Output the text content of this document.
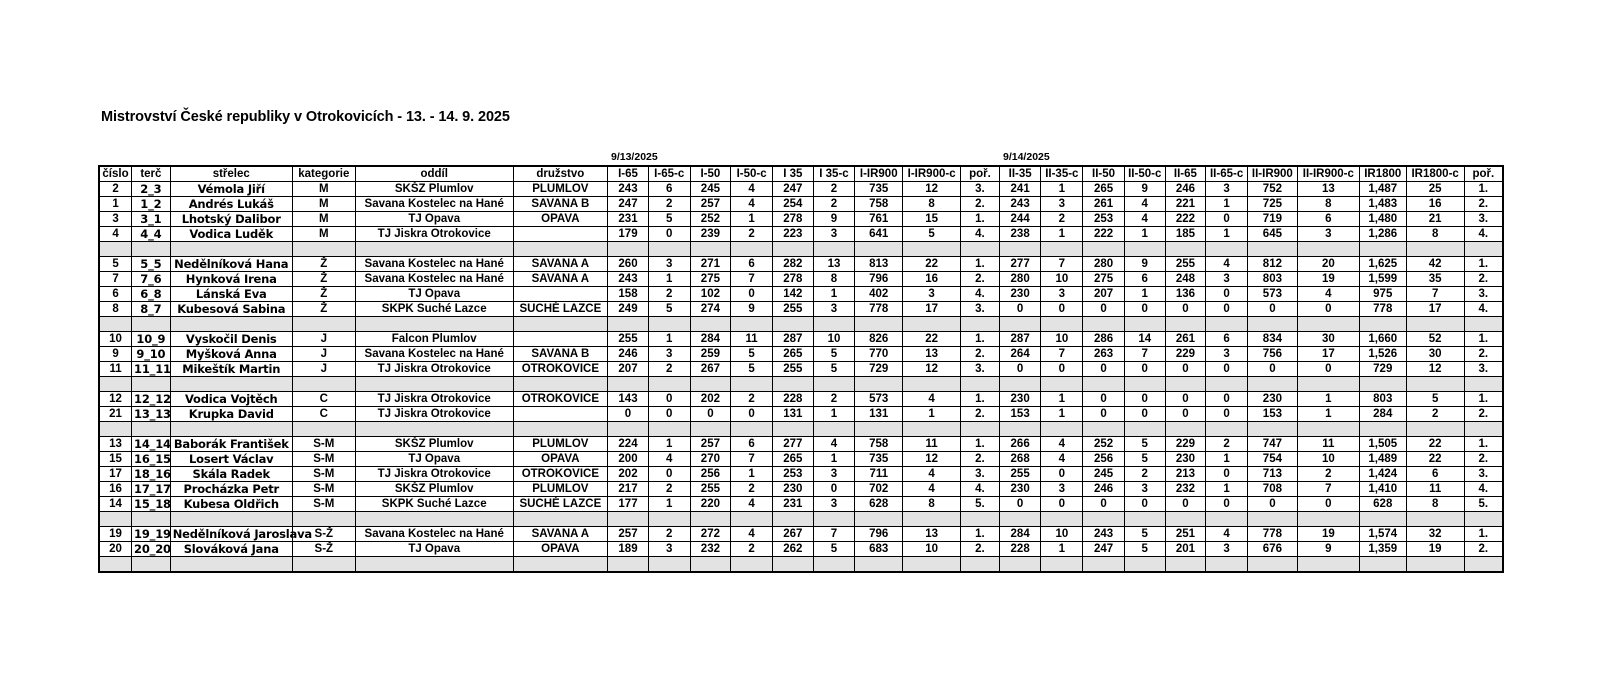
Mistrovství České republiky v Otrokovicích - 13. - 14. 9. 2025
9/13/2025	9/14/2025
číslo	terč	střelec	kategorie	oddíl	družstvo	I-65	I-65-c	I-50	I-50-c	I 35	I 35-c	I-IR900	I-IR900-c	poř.	II-35	II-35-c	II-50	II-50-c	II-65	II-65-c	II-IR900	II-IR900-c	IR1800	IR1800-c	poř.
2	2_3	Vémola Jiří	M	SKŠZ Plumlov	PLUMLOV	243	6	245	4	247	2	735	12	3.	241	1	265	9	246	3	752	13	1,487	25	1.
1	1_2	Andrés Lukáš	M	Savana Kostelec na Hané	SAVANA B	247	2	257	4	254	2	758	8	2.	243	3	261	4	221	1	725	8	1,483	16	2.
3	3_1	Lhotský Dalibor	M	TJ Opava	OPAVA	231	5	252	1	278	9	761	15	1.	244	2	253	4	222	0	719	6	1,480	21	3.
4	4_4	Vodica Luděk	M	TJ Jiskra Otrokovice		179	0	239	2	223	3	641	5	4.	238	1	222	1	185	1	645	3	1,286	8	4.

5	5_5	Nedělníková Hana	Ž	Savana Kostelec na Hané	SAVANA A	260	3	271	6	282	13	813	22	1.	277	7	280	9	255	4	812	20	1,625	42	1.
7	7_6	Hynková Irena	Ž	Savana Kostelec na Hané	SAVANA A	243	1	275	7	278	8	796	16	2.	280	10	275	6	248	3	803	19	1,599	35	2.
6	6_8	Lánská Eva	Ž	TJ Opava		158	2	102	0	142	1	402	3	4.	230	3	207	1	136	0	573	4	975	7	3.
8	8_7	Kubesová Sabina	Ž	SKPK Suché Lazce	SUCHÉ LAZCE	249	5	274	9	255	3	778	17	3.	0	0	0	0	0	0	0	0	778	17	4.

10	10_9	Vyskočil Denis	J	Falcon Plumlov		255	1	284	11	287	10	826	22	1.	287	10	286	14	261	6	834	30	1,660	52	1.
9	9_10	Myšková Anna	J	Savana Kostelec na Hané	SAVANA B	246	3	259	5	265	5	770	13	2.	264	7	263	7	229	3	756	17	1,526	30	2.
11	11_11	Mikeštík Martin	J	TJ Jiskra Otrokovice	OTROKOVICE	207	2	267	5	255	5	729	12	3.	0	0	0	0	0	0	0	0	729	12	3.

12	12_12	Vodica Vojtěch	C	TJ Jiskra Otrokovice	OTROKOVICE	143	0	202	2	228	2	573	4	1.	230	1	0	0	0	0	230	1	803	5	1.
21	13_13	Krupka David	C	TJ Jiskra Otrokovice		0	0	0	0	131	1	131	1	2.	153	1	0	0	0	0	153	1	284	2	2.

13	14_14	Baborák František	S-M	SKŠZ Plumlov	PLUMLOV	224	1	257	6	277	4	758	11	1.	266	4	252	5	229	2	747	11	1,505	22	1.
15	16_15	Losert Václav	S-M	TJ Opava	OPAVA	200	4	270	7	265	1	735	12	2.	268	4	256	5	230	1	754	10	1,489	22	2.
17	18_16	Skála Radek	S-M	TJ Jiskra Otrokovice	OTROKOVICE	202	0	256	1	253	3	711	4	3.	255	0	245	2	213	0	713	2	1,424	6	3.
16	17_17	Procházka Petr	S-M	SKŠZ Plumlov	PLUMLOV	217	2	255	2	230	0	702	4	4.	230	3	246	3	232	1	708	7	1,410	11	4.
14	15_18	Kubesa Oldřich	S-M	SKPK Suché Lazce	SUCHÉ LAZCE	177	1	220	4	231	3	628	8	5.	0	0	0	0	0	0	0	0	628	8	5.

19	19_19	Nedělníková Jaroslava	S-Ž	Savana Kostelec na Hané	SAVANA A	257	2	272	4	267	7	796	13	1.	284	10	243	5	251	4	778	19	1,574	32	1.
20	20_20	Slováková Jana	S-Ž	TJ Opava	OPAVA	189	3	232	2	262	5	683	10	2.	228	1	247	5	201	3	676	9	1,359	19	2.
